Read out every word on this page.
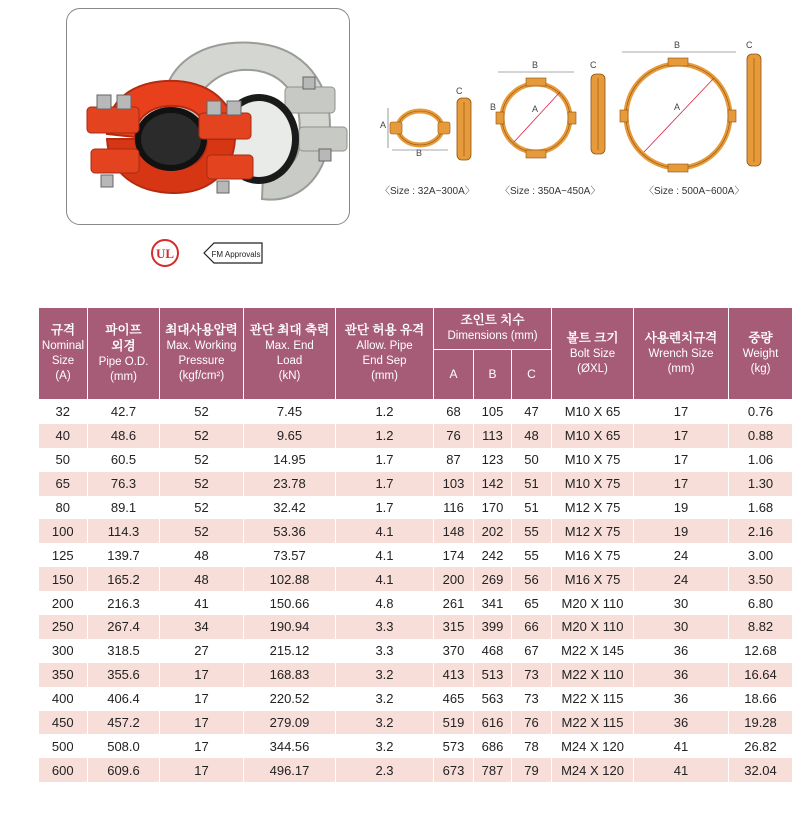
UL	FM Approvals
A
B
C
〈Size : 32A~300A〉
B
B	A
C
〈Size : 350A~450A〉
B
A
C
〈Size : 500A~600A〉
규격
Nominal
Size
(A)	파이프
외경
Pipe O.D.
(mm)	최대사용압력
Max. Working
Pressure
(kgf/cm²)	관단 최대 축력
Max. End
Load
(kN)	관단 허용 유격
Allow. Pipe
End Sep
(mm)	조인트 치수
Dimensions (mm)			볼트 크기
Bolt Size
(ØXL)	사용렌치규격
Wrench Size
(mm)	중량
Weight
(kg)

					A	B	C			
32	42.7	52	7.45	1.2	68	105	47	M10 X 65	17	0.76
40	48.6	52	9.65	1.2	76	113	48	M10 X 65	17	0.88
50	60.5	52	14.95	1.7	87	123	50	M10 X 75	17	1.06
65	76.3	52	23.78	1.7	103	142	51	M10 X 75	17	1.30
80	89.1	52	32.42	1.7	116	170	51	M12 X 75	19	1.68
100	114.3	52	53.36	4.1	148	202	55	M12 X 75	19	2.16
125	139.7	48	73.57	4.1	174	242	55	M16 X 75	24	3.00
150	165.2	48	102.88	4.1	200	269	56	M16 X 75	24	3.50
200	216.3	41	150.66	4.8	261	341	65	M20 X 110	30	6.80
250	267.4	34	190.94	3.3	315	399	66	M20 X 110	30	8.82
300	318.5	27	215.12	3.3	370	468	67	M22 X 145	36	12.68
350	355.6	17	168.83	3.2	413	513	73	M22 X 110	36	16.64
400	406.4	17	220.52	3.2	465	563	73	M22 X 115	36	18.66
450	457.2	17	279.09	3.2	519	616	76	M22 X 115	36	19.28
500	508.0	17	344.56	3.2	573	686	78	M24 X 120	41	26.82
600	609.6	17	496.17	2.3	673	787	79	M24 X 120	41	32.04
